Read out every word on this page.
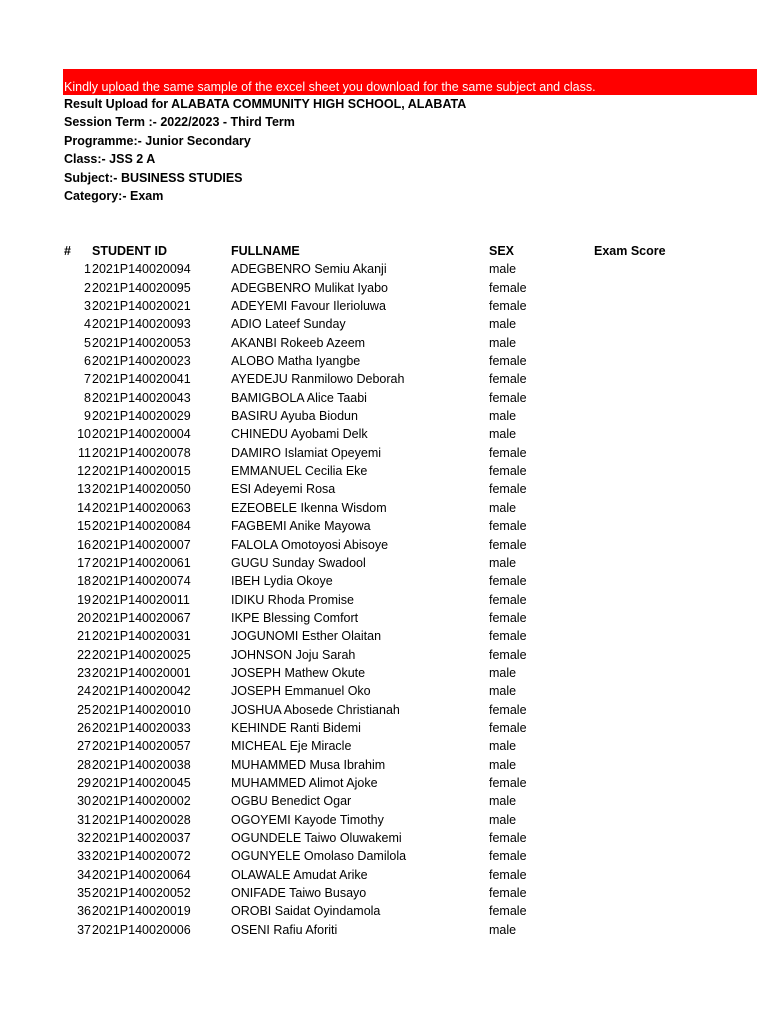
Kindly upload the same sample of the excel sheet you download for the same subject and class.
Result Upload for ALABATA COMMUNITY HIGH SCHOOL, ALABATA
Session Term :- 2022/2023 - Third Term
Programme:- Junior Secondary
Class:- JSS 2 A
Subject:- BUSINESS STUDIES
Category:- Exam
# STUDENT ID	FULLNAME	SEX	Exam Score
1 2021P140020094	ADEGBENRO Semiu Akanji	male
2 2021P140020095	ADEGBENRO Mulikat Iyabo	female
3 2021P140020021	ADEYEMI Favour Ilerioluwa	female
4 2021P140020093	ADIO Lateef Sunday	male
5 2021P140020053	AKANBI Rokeeb Azeem	male
6 2021P140020023	ALOBO Matha Iyangbe	female
7 2021P140020041	AYEDEJU Ranmilowo Deborah	female
8 2021P140020043	BAMIGBOLA Alice Taabi	female
9 2021P140020029	BASIRU Ayuba Biodun	male
10 2021P140020004	CHINEDU Ayobami Delk	male
11 2021P140020078	DAMIRO Islamiat Opeyemi	female
12 2021P140020015	EMMANUEL Cecilia Eke	female
13 2021P140020050	ESI Adeyemi Rosa	female
14 2021P140020063	EZEOBELE Ikenna Wisdom	male
15 2021P140020084	FAGBEMI Anike Mayowa	female
16 2021P140020007	FALOLA Omotoyosi Abisoye	female
17 2021P140020061	GUGU Sunday Swadool	male
18 2021P140020074	IBEH Lydia Okoye	female
19 2021P140020011	IDIKU Rhoda Promise	female
20 2021P140020067	IKPE Blessing Comfort	female
21 2021P140020031	JOGUNOMI Esther Olaitan	female
22 2021P140020025	JOHNSON Joju Sarah	female
23 2021P140020001	JOSEPH Mathew Okute	male
24 2021P140020042	JOSEPH Emmanuel Oko	male
25 2021P140020010	JOSHUA Abosede Christianah	female
26 2021P140020033	KEHINDE Ranti Bidemi	female
27 2021P140020057	MICHEAL Eje Miracle	male
28 2021P140020038	MUHAMMED Musa Ibrahim	male
29 2021P140020045	MUHAMMED Alimot Ajoke	female
30 2021P140020002	OGBU Benedict Ogar	male
31 2021P140020028	OGOYEMI Kayode Timothy	male
32 2021P140020037	OGUNDELE Taiwo Oluwakemi	female
33 2021P140020072	OGUNYELE Omolaso Damilola	female
34 2021P140020064	OLAWALE Amudat Arike	female
35 2021P140020052	ONIFADE Taiwo Busayo	female
36 2021P140020019	OROBI Saidat Oyindamola	female
37 2021P140020006	OSENI Rafiu Aforiti	male
